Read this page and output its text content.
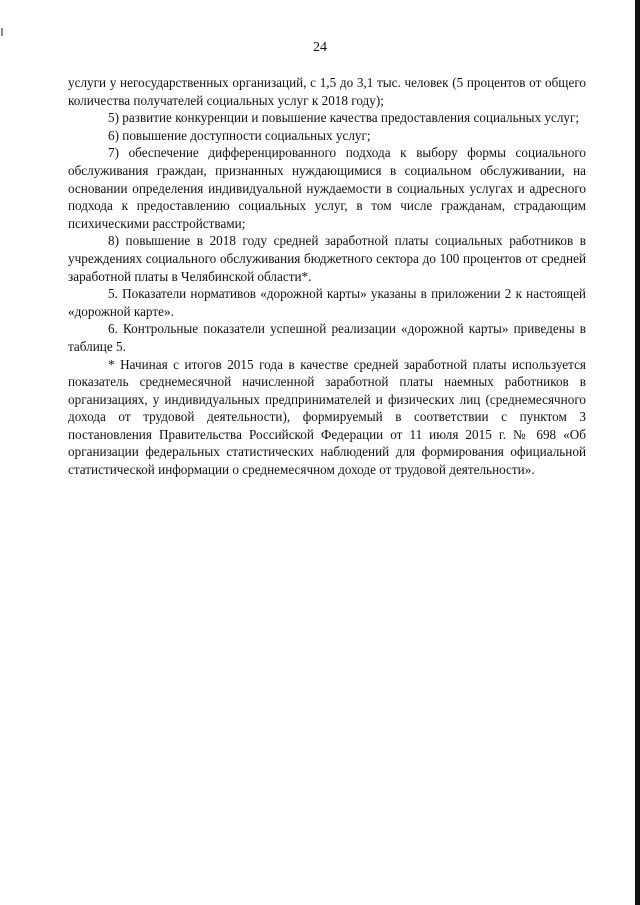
24

услуги у негосударственных организаций, с 1,5 до 3,1 тыс. человек (5 процентов от общего количества получателей социальных услуг к 2018 году);

5) развитие конкуренции и повышение качества предоставления социальных услуг;

6) повышение доступности социальных услуг;

7) обеспечение дифференцированного подхода к выбору формы социального обслуживания граждан, признанных нуждающимися в социальном обслуживании, на основании определения индивидуальной нуждаемости в социальных услугах и адресного подхода к предоставлению социальных услуг, в том числе гражданам, страдающим психическими расстройствами;

8) повышение в 2018 году средней заработной платы социальных работников в учреждениях социального обслуживания бюджетного сектора до 100 процентов от средней заработной платы в Челябинской области*.

5. Показатели нормативов «дорожной карты» указаны в приложении 2 к настоящей «дорожной карте».

6. Контрольные показатели успешной реализации «дорожной карты» приведены в таблице 5.

* Начиная с итогов 2015 года в качестве средней заработной платы используется показатель среднемесячной начисленной заработной платы наемных работников в организациях, у индивидуальных предпринимателей и физических лиц (среднемесячного дохода от трудовой деятельности), формируемый в соответствии с пунктом 3 постановления Правительства Российской Федерации от 11 июля 2015 г. № 698 «Об организации федеральных статистических наблюдений для формирования официальной статистической информации о среднемесячном доходе от трудовой деятельности».
